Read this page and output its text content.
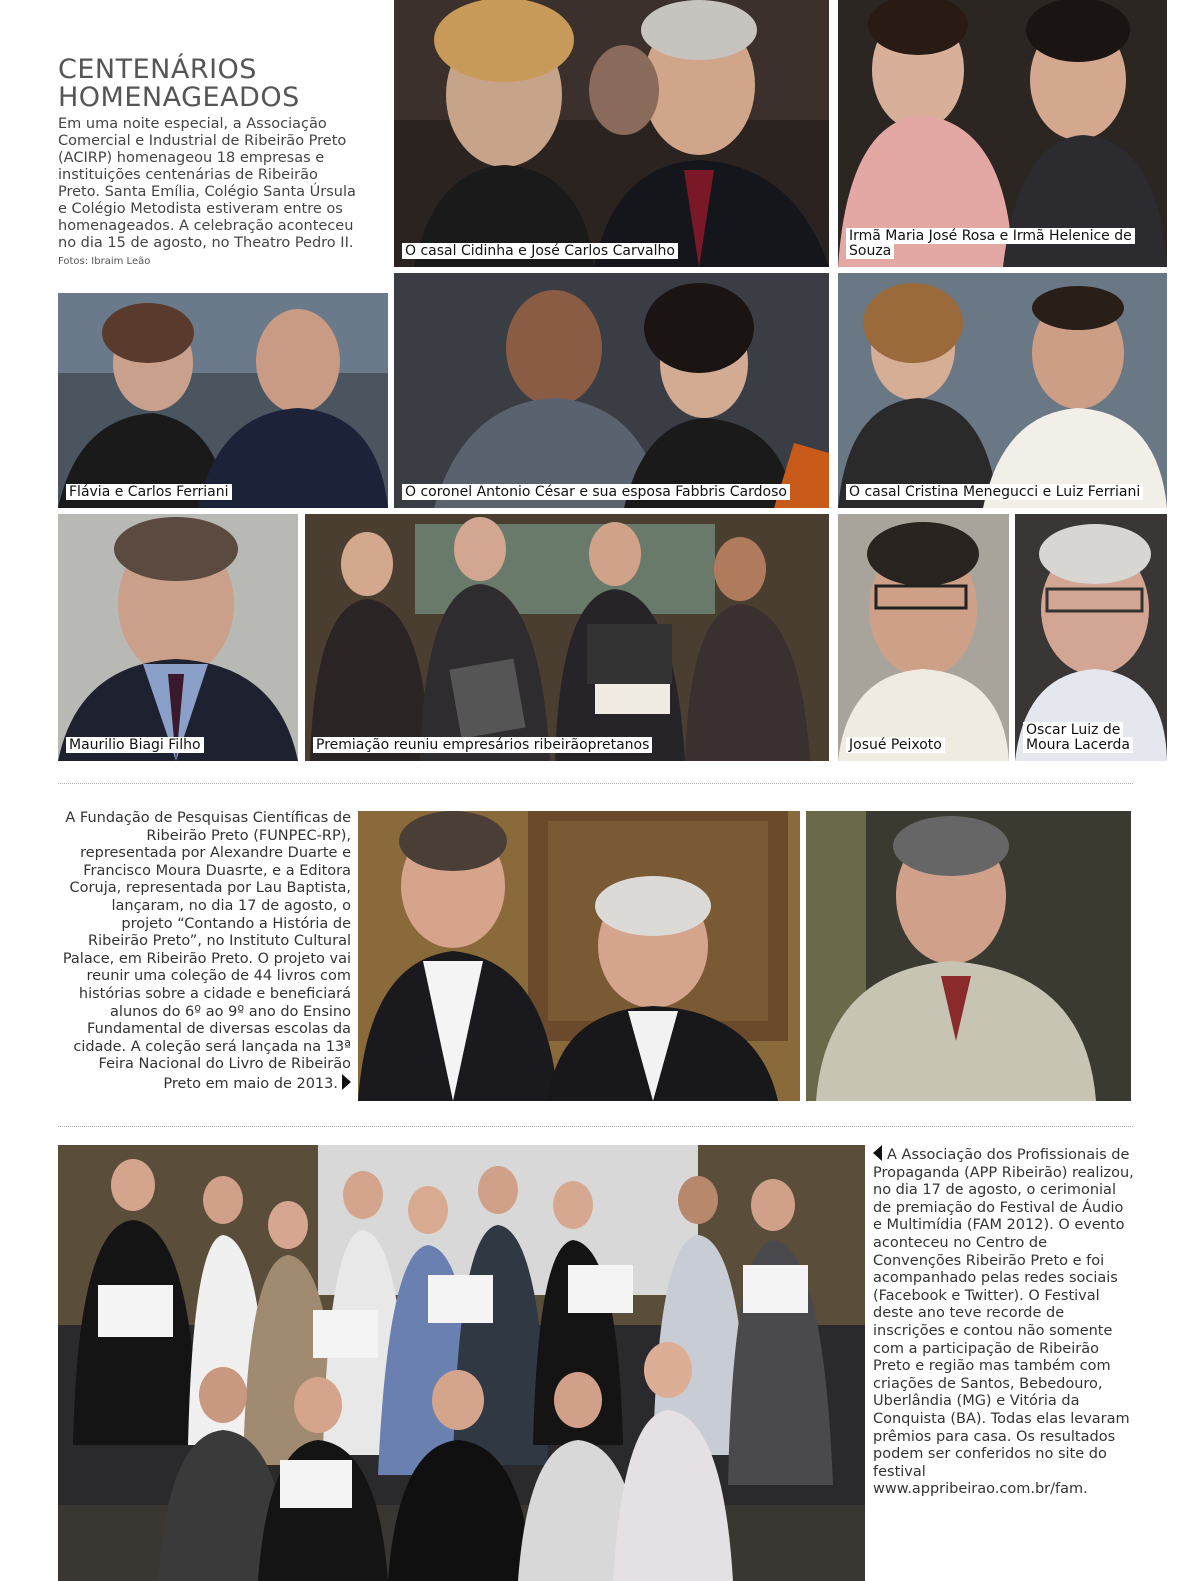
CENTENÁRIOS
HOMENAGEADOS
Em uma noite especial, a Associação Comercial e Industrial de Ribeirão Preto (ACIRP) homenageou 18 empresas e instituições centenárias de Ribeirão Preto. Santa Emília, Colégio Santa Úrsula e Colégio Metodista estiveram entre os homenageados. A celebração aconteceu no dia 15 de agosto, no Theatro Pedro II. Fotos: Ibraim Leão
O casal Cidinha e José Carlos Carvalho
Irmã Maria José Rosa e Irmã Helenice de Souza
Flávia e Carlos Ferriani	O coronel Antonio César e sua esposa Fabbris Cardoso	O casal Cristina Menegucci e Luiz Ferriani
Maurilio Biagi Filho	Premiação reuniu empresários ribeirãopretanos	Josué Peixoto
Oscar Luiz de Moura Lacerda
A Fundação de Pesquisas Científicas de Ribeirão Preto (FUNPEC-RP), representada por Alexandre Duarte e Francisco Moura Duasrte, e a Editora Coruja, representada por Lau Baptista, lançaram, no dia 17 de agosto, o projeto “Contando a História de Ribeirão Preto”, no Instituto Cultural Palace, em Ribeirão Preto. O projeto vai reunir uma coleção de 44 livros com histórias sobre a cidade e beneficiará alunos do 6º ao 9º ano do Ensino Fundamental de diversas escolas da cidade. A coleção será lançada na 13ª Feira Nacional do Livro de Ribeirão Preto em maio de 2013.
A Associação dos Profissionais de Propaganda (APP Ribeirão) realizou, no dia 17 de agosto, o cerimonial de premiação do Festival de Áudio e Multimídia (FAM 2012). O evento aconteceu no Centro de Convenções Ribeirão Preto e foi acompanhado pelas redes sociais (Facebook e Twitter). O Festival deste ano teve recorde de inscrições e contou não somente com a participação de Ribeirão Preto e região mas também com criações de Santos, Bebedouro, Uberlândia (MG) e Vitória da Conquista (BA). Todas elas levaram prêmios para casa. Os resultados podem ser conferidos no site do festival www.appribeirao.com.br/fam.
